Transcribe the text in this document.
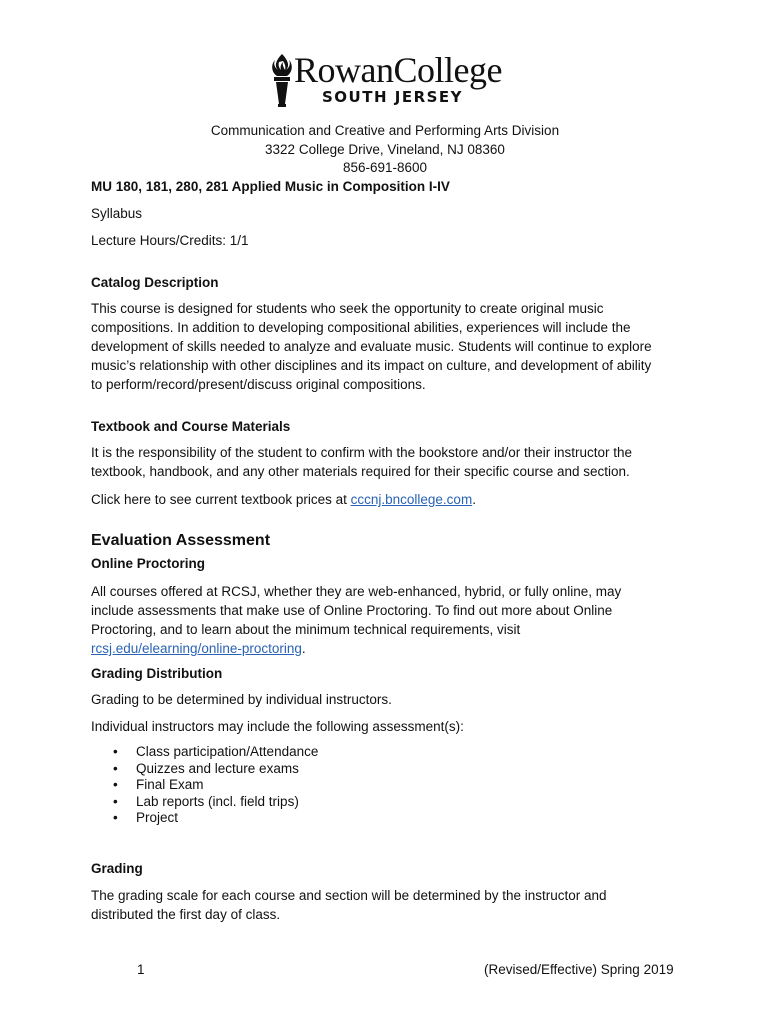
RowanCollege
SOUTH JERSEY
Communication and Creative and Performing Arts Division
3322 College Drive, Vineland, NJ 08360
856-691-8600
MU 180, 181, 280, 281 Applied Music in Composition I-IV
Syllabus
Lecture Hours/Credits: 1/1
Catalog Description
This course is designed for students who seek the opportunity to create original music
compositions. In addition to developing compositional abilities, experiences will include the
development of skills needed to analyze and evaluate music. Students will continue to explore
music’s relationship with other disciplines and its impact on culture, and development of ability
to perform/record/present/discuss original compositions.
Textbook and Course Materials
It is the responsibility of the student to confirm with the bookstore and/or their instructor the
textbook, handbook, and any other materials required for their specific course and section.
Click here to see current textbook prices at cccnj.bncollege.com.
Evaluation Assessment
Online Proctoring
All courses offered at RCSJ, whether they are web-enhanced, hybrid, or fully online, may
include assessments that make use of Online Proctoring. To find out more about Online
Proctoring, and to learn about the minimum technical requirements, visit
rcsj.edu/elearning/online-proctoring.
Grading Distribution
Grading to be determined by individual instructors.
Individual instructors may include the following assessment(s):
• Class participation/Attendance
• Quizzes and lecture exams
• Final Exam
• Lab reports (incl. field trips)
• Project
Grading
The grading scale for each course and section will be determined by the instructor and
distributed the first day of class.
1	(Revised/Effective) Spring 2019
